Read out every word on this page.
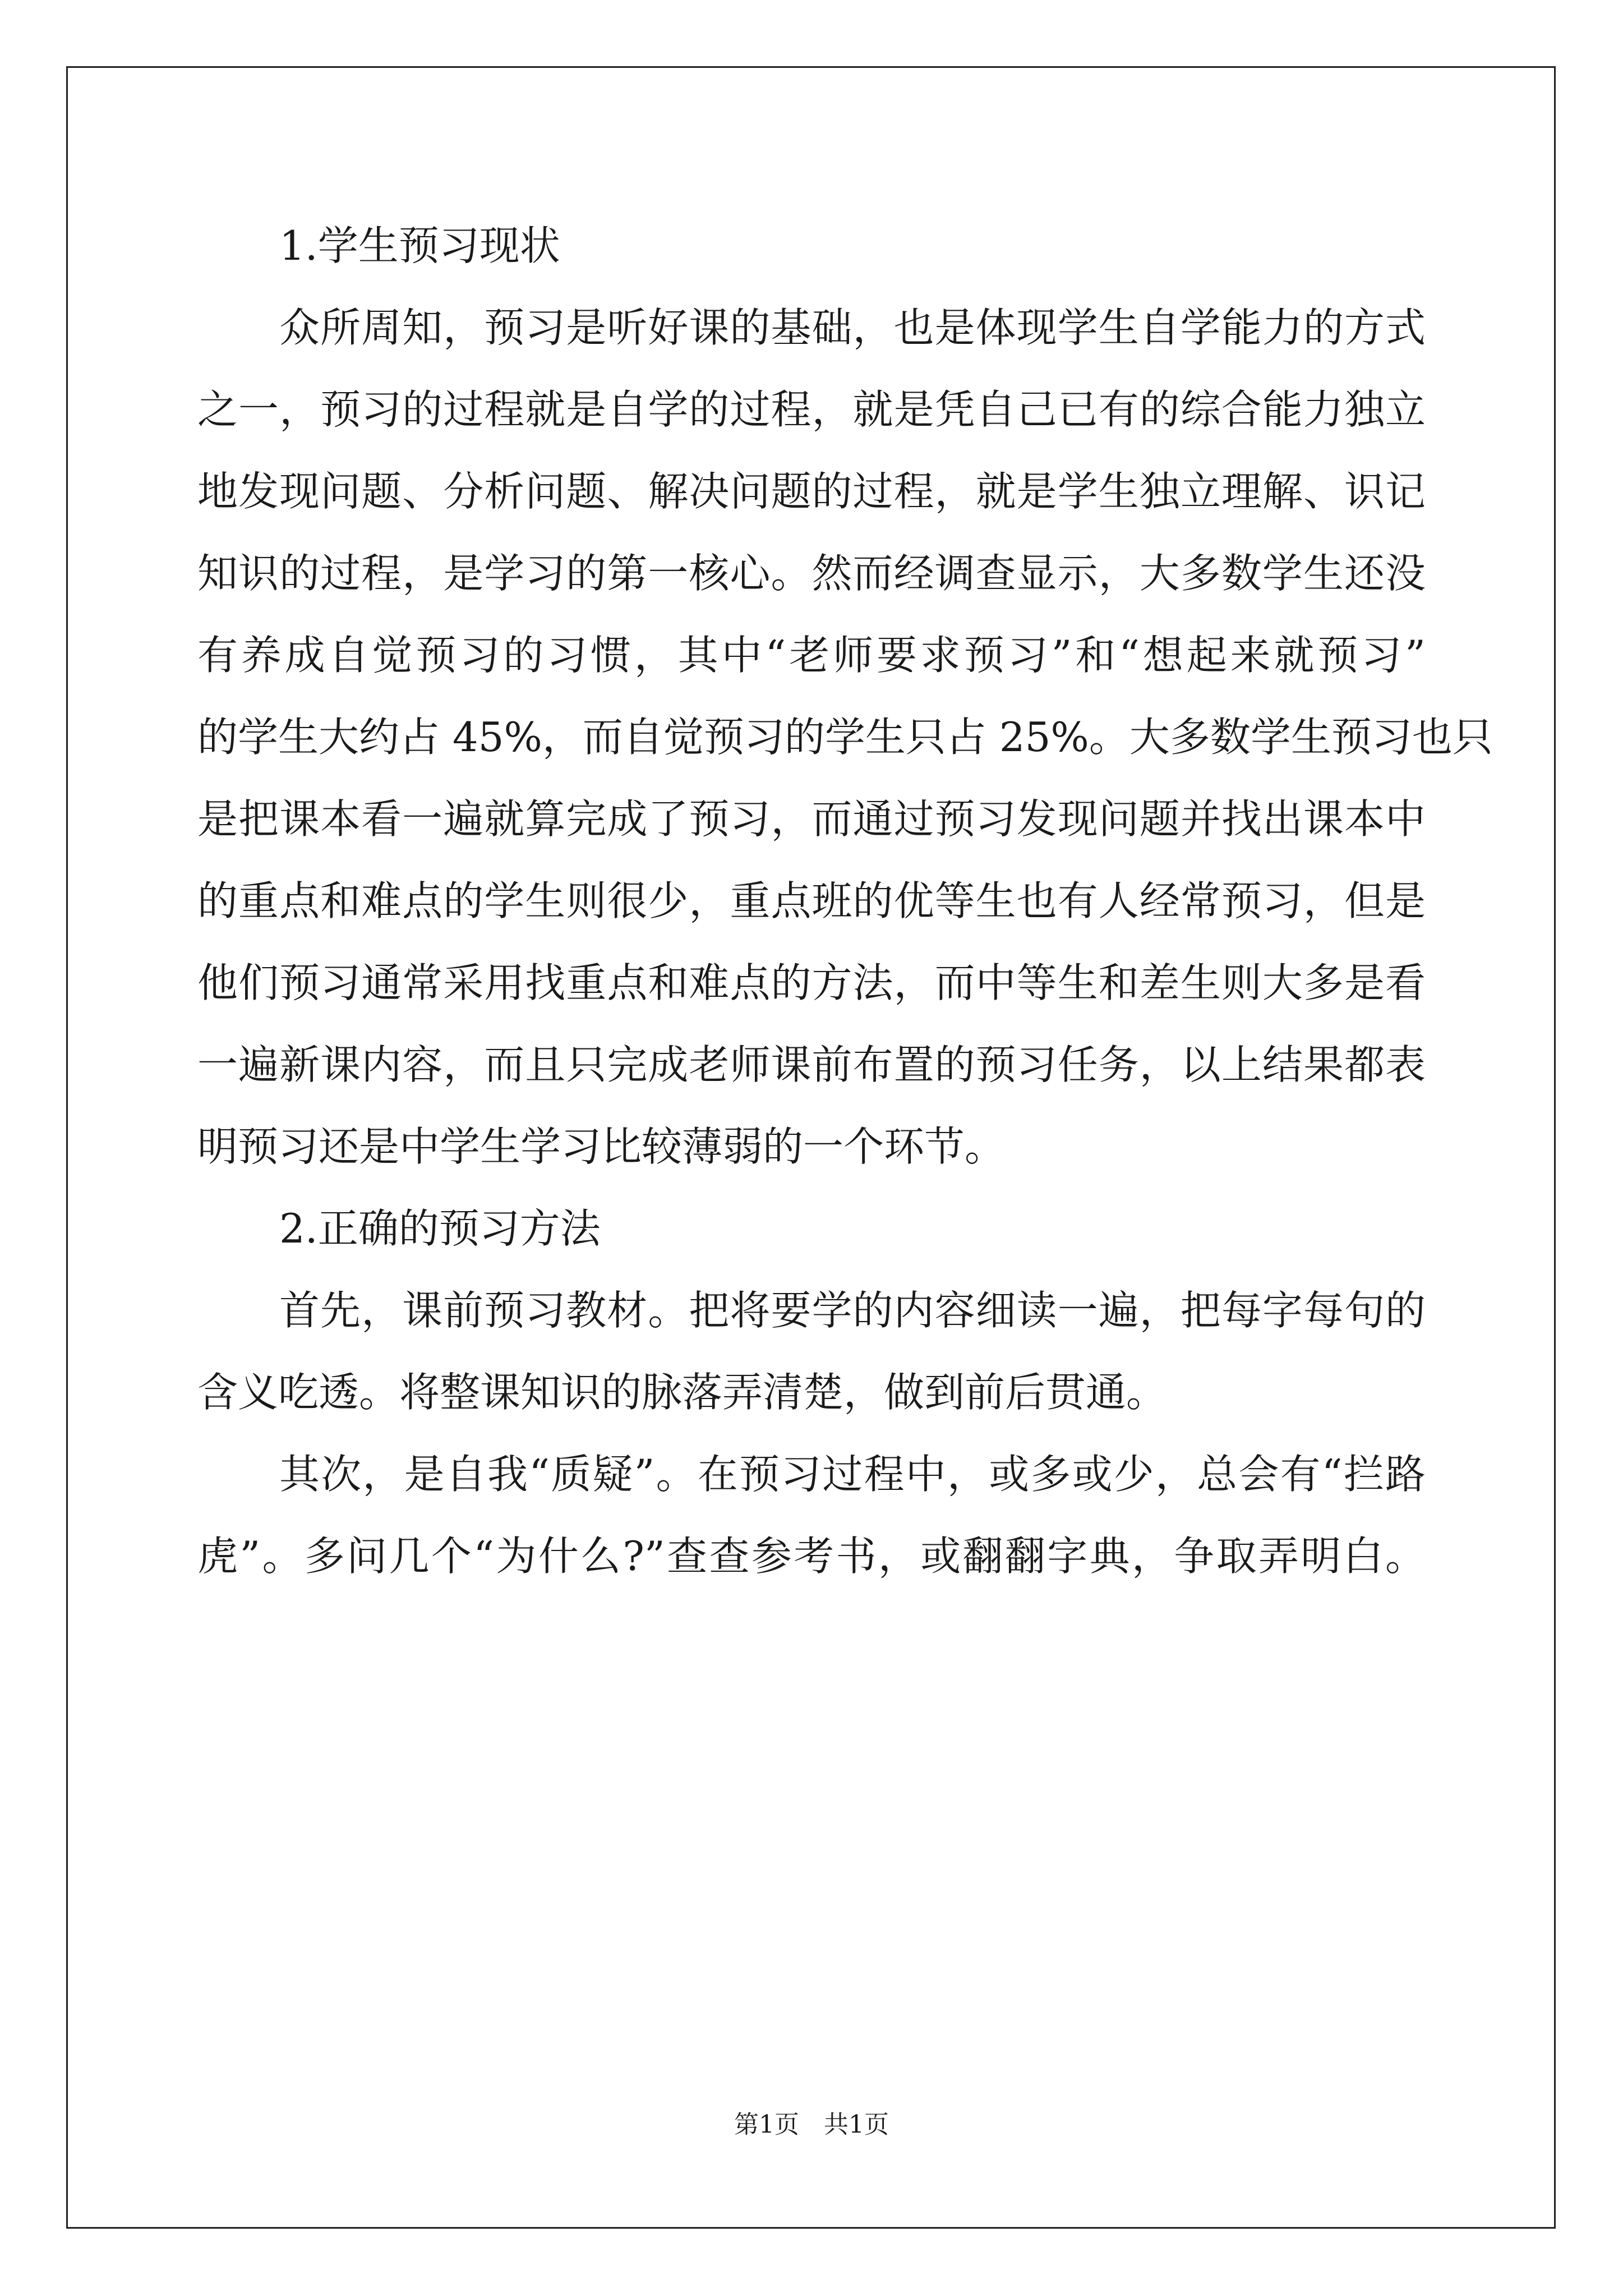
1.学生预习现状
众所周知，预习是听好课的基础，也是体现学生自学能力的方式
之一，预习的过程就是自学的过程，就是凭自己已有的综合能力独立
地发现问题、分析问题、解决问题的过程，就是学生独立理解、识记
知识的过程，是学习的第一核心。然而经调查显示，大多数学生还没
有养成自觉预习的习惯，其中“老师要求预习”和“想起来就预习”
的学生大约占 45%，而自觉预习的学生只占 25%。大多数学生预习也只
是把课本看一遍就算完成了预习，而通过预习发现问题并找出课本中
的重点和难点的学生则很少，重点班的优等生也有人经常预习，但是
他们预习通常采用找重点和难点的方法，而中等生和差生则大多是看
一遍新课内容，而且只完成老师课前布置的预习任务，以上结果都表
明预习还是中学生学习比较薄弱的一个环节。
2.正确的预习方法
首先，课前预习教材。把将要学的内容细读一遍，把每字每句的
含义吃透。将整课知识的脉落弄清楚，做到前后贯通。
其次，是自我“质疑”。在预习过程中，或多或少，总会有“拦路
虎”。多问几个“为什么?”查查参考书，或翻翻字典，争取弄明白。
第1页 共1页
